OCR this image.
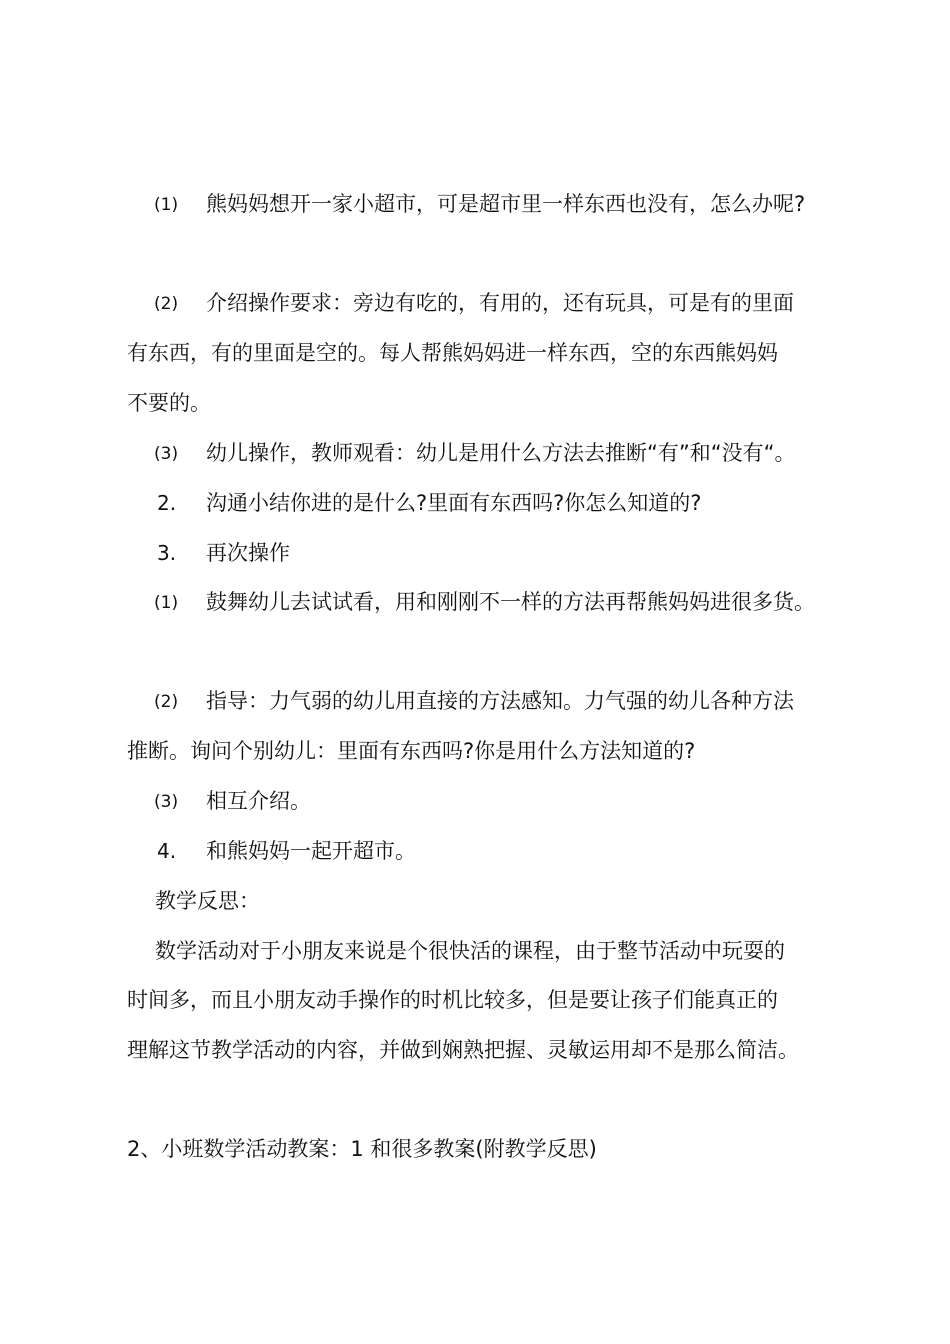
(1) 熊妈妈想开一家小超市，可是超市里一样东西也没有，怎么办呢?
(2) 介绍操作要求：旁边有吃的，有用的，还有玩具，可是有的里面
有东西，有的里面是空的。每人帮熊妈妈进一样东西，空的东西熊妈妈
不要的。
(3) 幼儿操作，教师观看：幼儿是用什么方法去推断“有”和“没有“。
2. 沟通小结你进的是什么?里面有东西吗?你怎么知道的?
3. 再次操作
(1) 鼓舞幼儿去试试看，用和刚刚不一样的方法再帮熊妈妈进很多货。
(2) 指导：力气弱的幼儿用直接的方法感知。力气强的幼儿各种方法
推断。询问个别幼儿：里面有东西吗?你是用什么方法知道的?
(3) 相互介绍。
4. 和熊妈妈一起开超市。
教学反思：
数学活动对于小朋友来说是个很快活的课程，由于整节活动中玩耍的
时间多，而且小朋友动手操作的时机比较多，但是要让孩子们能真正的
理解这节教学活动的内容，并做到娴熟把握、灵敏运用却不是那么简洁。
2、小班数学活动教案：1 和很多教案(附教学反思)
